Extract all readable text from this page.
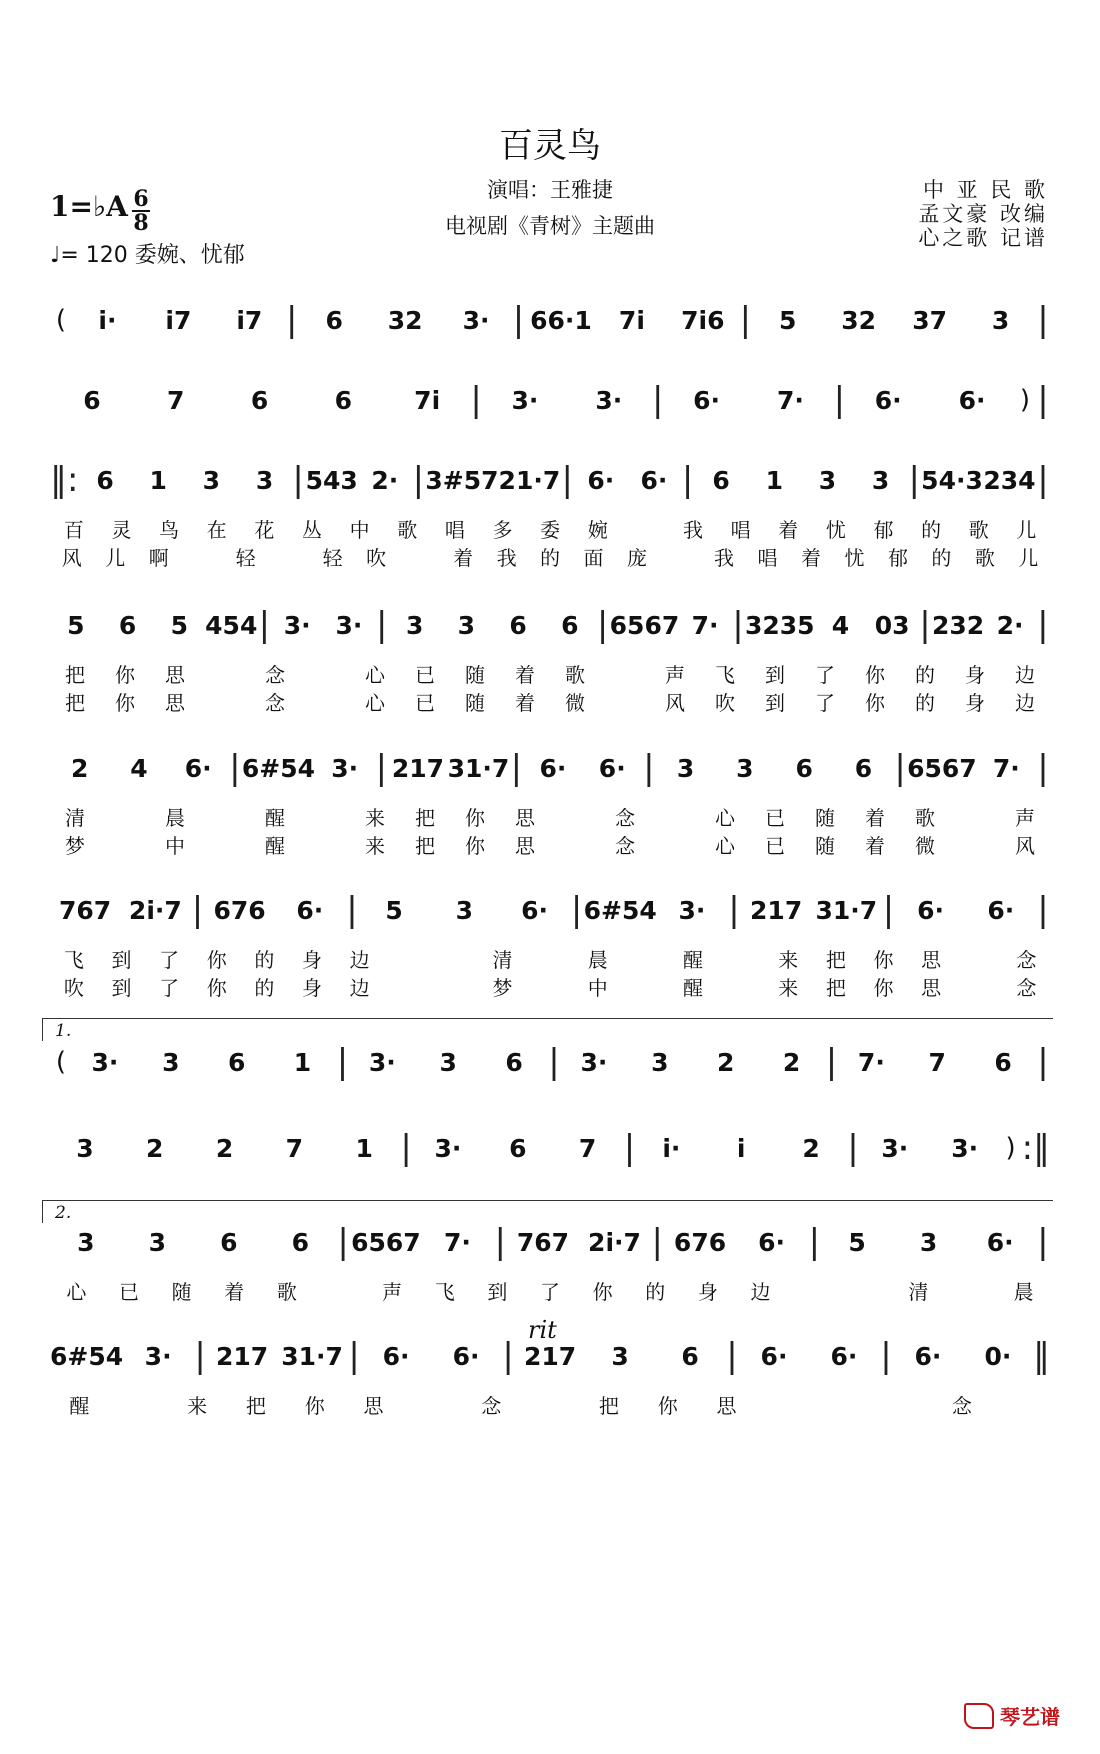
百灵鸟
1=♭A 6
8
♩= 120 委婉、忧郁
演唱：王雅捷
电视剧《青树》主题曲
中 亚 民 歌
孟文豪 改编
心之歌 记谱
(	i·	i7	i7 |	6	32	3· | 66·1	7i	7i6 |	5	32	37	3 |
6	7	6	6	7i |	3·	3· |	6·	7· |	6·	6·	) |
‖: 6	1	3	3 | 543 2· | 3#57 21·7 | 6·	6· | 6	1	3	3 | 54·3 234 |
百	灵	鸟	在	花	丛	中	歌	唱	多	委	婉	我	唱	着	忧	郁	的	歌	儿
风	儿	啊	轻	轻	吹	着	我	的	面	庞	我	唱	着	忧	郁	的	歌	儿
5	6	5 454 | 3· 3· | 3	3	6	6 | 6567 7· | 3235 4	03 | 232 2· |
把	你	思	念	心	已	随	着	歌	声	飞	到	了	你	的	身	边
把	你	思	念	心	已	随	着	微	风	吹	到	了	你	的	身	边
2	4	6· | 6#54 3· | 217 31·7 | 6·	6· | 3	3	6	6 | 6567 7· |
清	晨	醒	来	把	你	思	念	心	已	随	着	歌	声
梦	中	醒	来	把	你	思	念	心	已	随	着	微	风
767 2i·7 | 676	6· |	5	3	6· | 6#54 3· | 217 31·7 | 6·	6· |
飞	到	了	你	的	身	边	清	晨	醒	来	把	你	思	念
吹	到	了	你	的	身	边	梦	中	醒	来	把	你	思	念
(	3·	3	6	1 | 3·	3	6 | 3·	3	2	2 | 7·	7	6 |
3	2	2	7	1 | 3·	6	7 |	i·	i	2 | 3·	3·	) :‖
3	3	6	6 | 6567 7· | 767 2i·7 | 676	6· |	5	3	6· |
心	已	随	着	歌	声	飞	到	了	你	的	身	边	清	晨
6#54 3· | 217 31·7 | 6·	6· | 217	3	6 | 6·	6· | 6·	0· ‖
醒	来	把	你	思	念	把	你	思	念
1.
2.
rit
琴艺谱
